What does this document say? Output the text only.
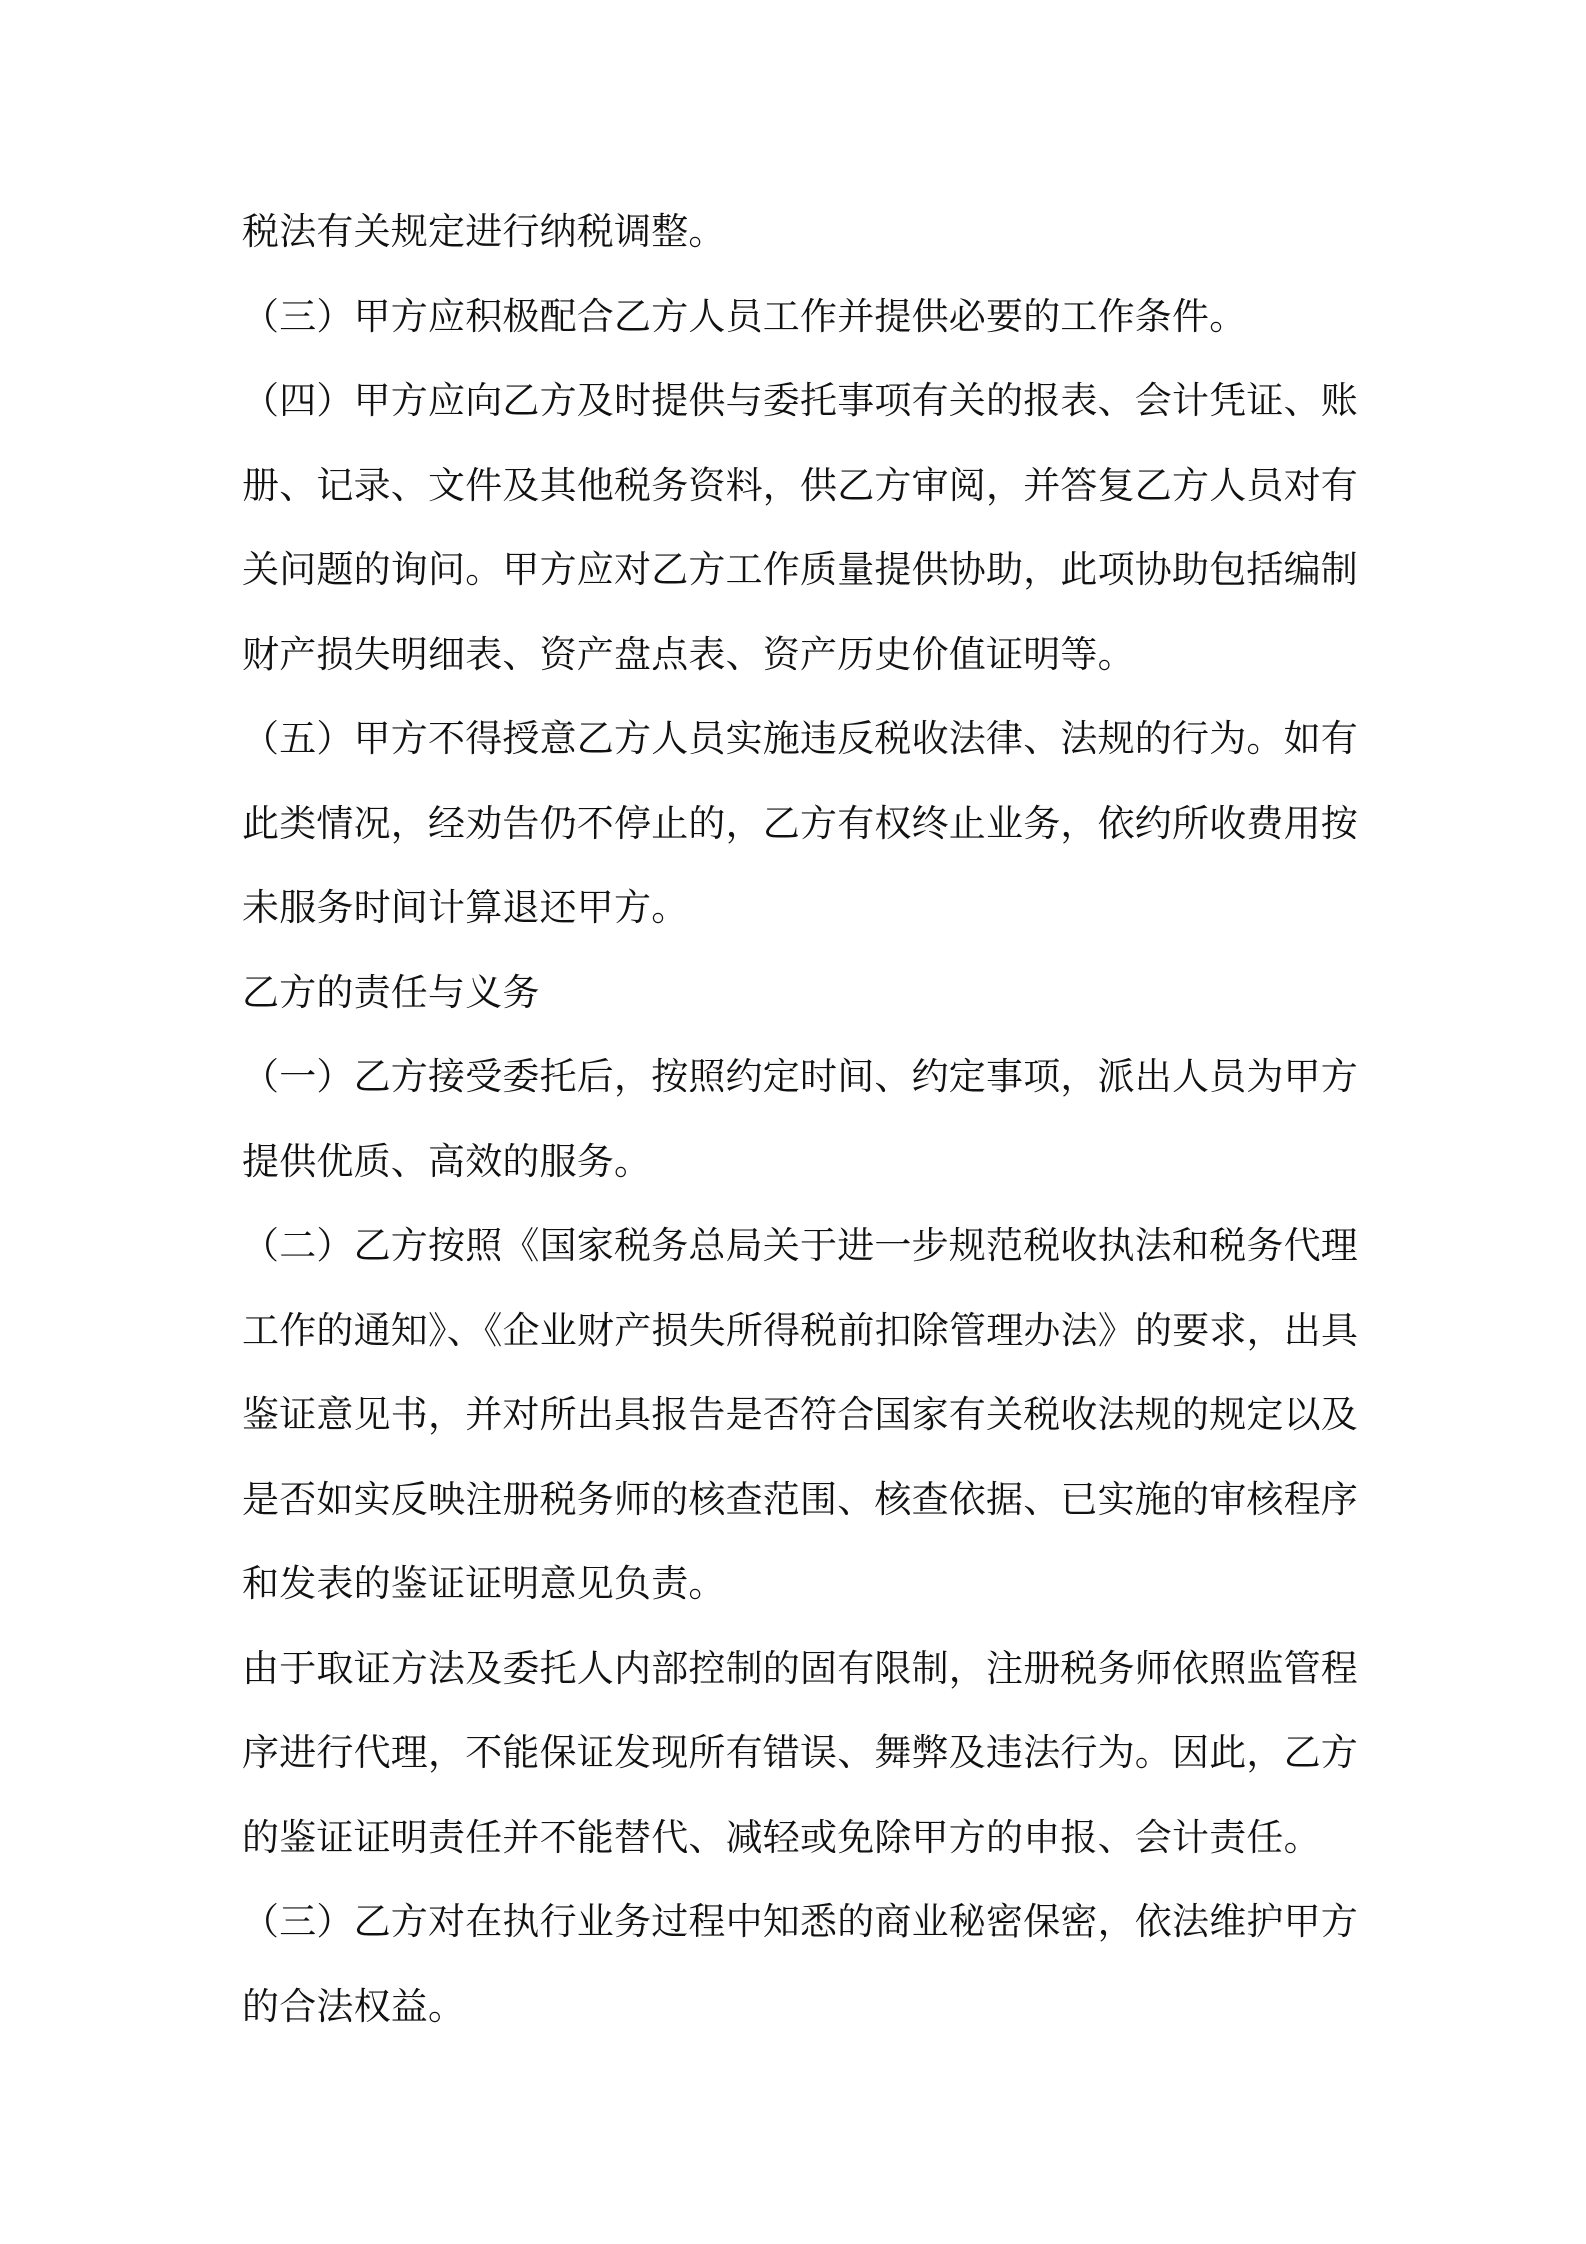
税法有关规定进行纳税调整。
（三）甲方应积极配合乙方人员工作并提供必要的工作条件。
（四）甲方应向乙方及时提供与委托事项有关的报表、会计凭证、账
册、记录、文件及其他税务资料，供乙方审阅，并答复乙方人员对有
关问题的询问。甲方应对乙方工作质量提供协助，此项协助包括编制
财产损失明细表、资产盘点表、资产历史价值证明等。
（五）甲方不得授意乙方人员实施违反税收法律、法规的行为。如有
此类情况，经劝告仍不停止的，乙方有权终止业务，依约所收费用按
未服务时间计算退还甲方。
乙方的责任与义务
（一）乙方接受委托后，按照约定时间、约定事项，派出人员为甲方
提供优质、高效的服务。
（二）乙方按照《国家税务总局关于进一步规范税收执法和税务代理
工作的通知》、《企业财产损失所得税前扣除管理办法》的要求，出具
鉴证意见书，并对所出具报告是否符合国家有关税收法规的规定以及
是否如实反映注册税务师的核查范围、核查依据、已实施的审核程序
和发表的鉴证证明意见负责。
由于取证方法及委托人内部控制的固有限制，注册税务师依照监管程
序进行代理，不能保证发现所有错误、舞弊及违法行为。因此，乙方
的鉴证证明责任并不能替代、减轻或免除甲方的申报、会计责任。
（三）乙方对在执行业务过程中知悉的商业秘密保密，依法维护甲方
的合法权益。
